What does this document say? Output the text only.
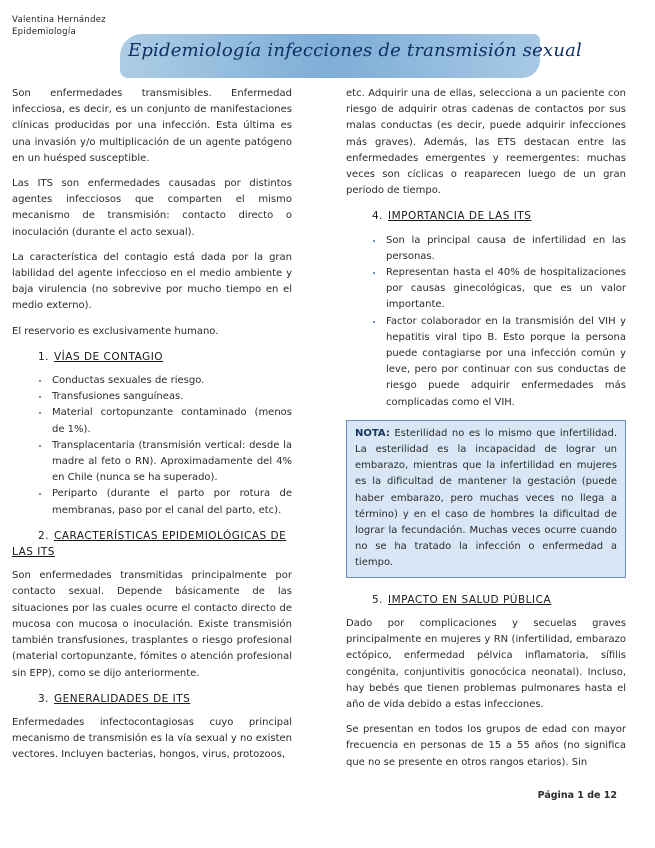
Valentina Hernández
Epidemiología
Epidemiología infecciones de transmisión sexual

Son enfermedades transmisibles. Enfermedad infecciosa, es decir, es un conjunto de manifestaciones clínicas producidas por una infección. Esta última es una invasión y/o multiplicación de un agente patógeno en un huésped susceptible.

Las ITS son enfermedades causadas por distintos agentes infecciosos que comparten el mismo mecanismo de transmisión: contacto directo o inoculación (durante el acto sexual).

La característica del contagio está dada por la gran labilidad del agente infeccioso en el medio ambiente y baja virulencia (no sobrevive por mucho tiempo en el medio externo).

El reservorio es exclusivamente humano.

1. VÍAS DE CONTAGIO
• Conductas sexuales de riesgo.
• Transfusiones sanguíneas.
• Material cortopunzante contaminado (menos de 1%).
• Transplacentaria (transmisión vertical: desde la madre al feto o RN). Aproximadamente del 4% en Chile (nunca se ha superado).
• Periparto (durante el parto por rotura de membranas, paso por el canal del parto, etc).
2. CARACTERÍSTICAS EPIDEMIOLÓGICAS DE LAS ITS

Son enfermedades transmitidas principalmente por contacto sexual. Depende básicamente de las situaciones por las cuales ocurre el contacto directo de mucosa con mucosa o inoculación. Existe transmisión también transfusiones, trasplantes o riesgo profesional (material cortopunzante, fómites o atención profesional sin EPP), como se dijo anteriormente.

3. GENERALIDADES DE ITS

Enfermedades infectocontagiosas cuyo principal mecanismo de transmisión es la vía sexual y no existen vectores. Incluyen bacterias, hongos, virus, protozoos,

etc. Adquirir una de ellas, selecciona a un paciente con riesgo de adquirir otras cadenas de contactos por sus malas conductas (es decir, puede adquirir infecciones más graves). Además, las ETS destacan entre las enfermedades emergentes y reemergentes: muchas veces son cíclicas o reaparecen luego de un gran periodo de tiempo.

4. IMPORTANCIA DE LAS ITS
• Son la principal causa de infertilidad en las personas.
• Representan hasta el 40% de hospitalizaciones por causas ginecológicas, que es un valor importante.
• Factor colaborador en la transmisión del VIH y hepatitis viral tipo B. Esto porque la persona puede contagiarse por una infección común y leve, pero por continuar con sus conductas de riesgo puede adquirir enfermedades más complicadas como el VIH.
NOTA: Esterilidad no es lo mismo que infertilidad. La esterilidad es la incapacidad de lograr un embarazo, mientras que la infertilidad en mujeres es la dificultad de mantener la gestación (puede haber embarazo, pero muchas veces no llega a término) y en el caso de hombres la dificultad de lograr la fecundación. Muchas veces ocurre cuando no se ha tratado la infección o enfermedad a tiempo.
5. IMPACTO EN SALUD PÚBLICA

Dado por complicaciones y secuelas graves principalmente en mujeres y RN (infertilidad, embarazo ectópico, enfermedad pélvica inflamatoria, sífilis congénita, conjuntivitis gonocócica neonatal). Incluso, hay bebés que tienen problemas pulmonares hasta el año de vida debido a estas infecciones.

Se presentan en todos los grupos de edad con mayor frecuencia en personas de 15 a 55 años (no significa que no se presente en otros rangos etarios). Sin

Página 1 de 12
